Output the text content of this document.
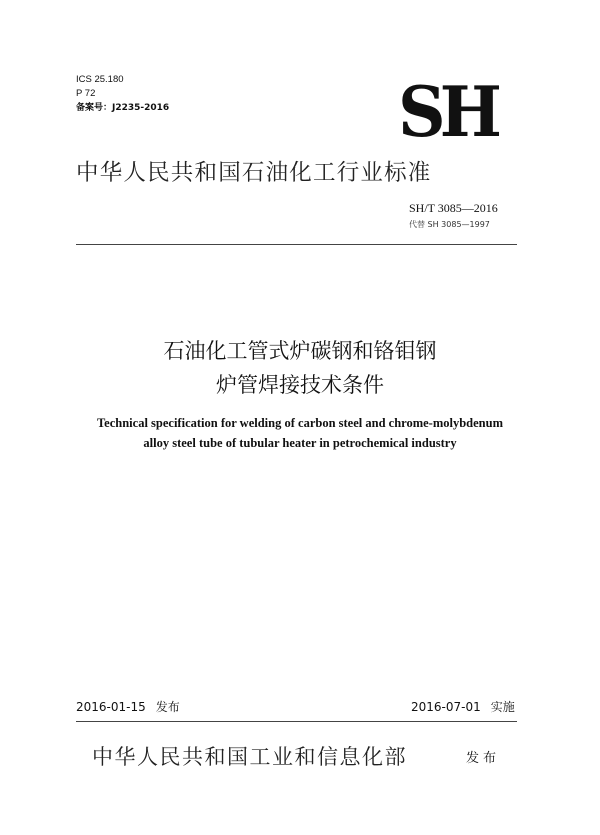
ICS 25.180
P 72
备案号：J2235-2016	SH
中华人民共和国石油化工行业标准
SH/T 3085—2016
代替 SH 3085—1997
石油化工管式炉碳钢和铬钼钢
炉管焊接技术条件
Technical specification for welding of carbon steel and chrome-molybdenum
alloy steel tube of tubular heater in petrochemical industry
2016-01-15 发布	2016-07-01 实施
中华人民共和国工业和信息化部	发布
